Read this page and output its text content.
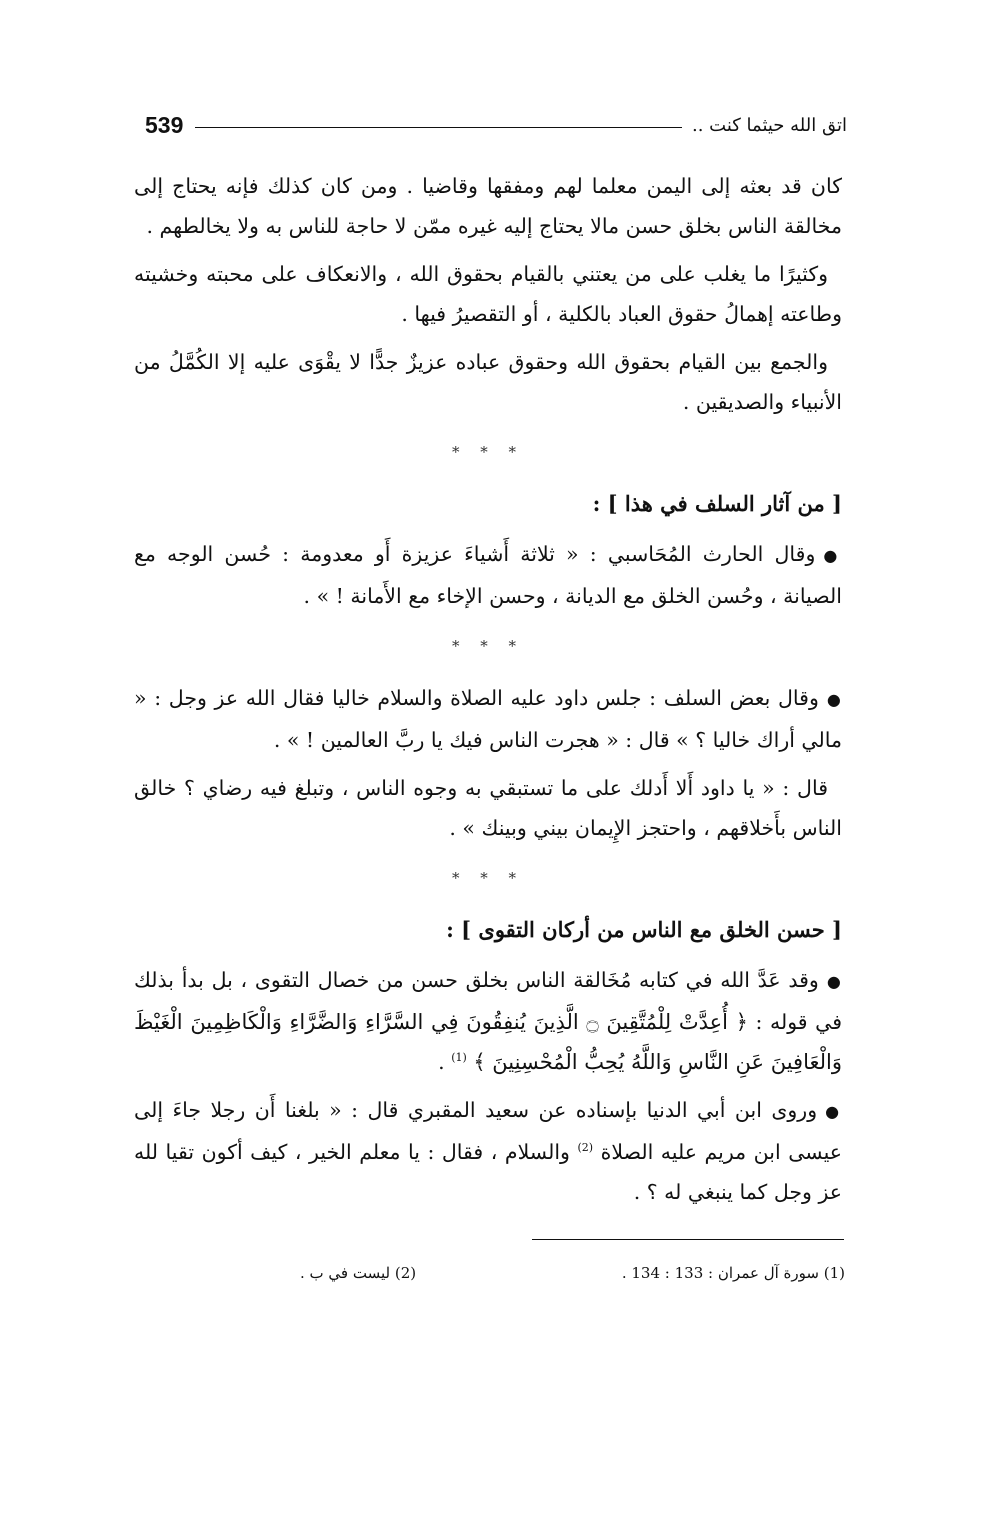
539	اتق الله حيثما كنت ..

كان قد بعثه إلى اليمن معلما لهم ومفقها وقاضيا . ومن كان كذلك فإنه يحتاج إلى مخالقة الناس بخلق حسن مالا يحتاج إليه غيره ممّن لا حاجة للناس به ولا يخالطهم .

وكثيرًا ما يغلب على من يعتني بالقيام بحقوق الله ، والانعكاف على محبته وخشيته وطاعته إهمالُ حقوق العباد بالكلية ، أو التقصيرُ فيها .

والجمع بين القيام بحقوق الله وحقوق عباده عزيزٌ جدًّا لا يقْوَى عليه إلا الكُمَّلُ من الأنبياء والصديقين .

* * *
[ من آثار السلف في هذا ] :

●وقال الحارث المُحَاسبي : « ثلاثة أَشياءَ عزيزة أَو معدومة : حُسن الوجه مع الصيانة ، وحُسن الخلق مع الديانة ، وحسن الإخاء مع الأَمانة ! » .

* * *

●وقال بعض السلف : جلس داود عليه الصلاة والسلام خاليا فقال الله عز وجل : « مالي أراك خاليا ؟ » قال : « هجرت الناس فيك يا ربَّ العالمين ! » .

قال : « يا داود أَلا أَدلك على ما تستبقي به وجوه الناس ، وتبلغ فيه رضاي ؟ خالق الناس بأَخلاقهم ، واحتجز الإِيمان بيني وبينك » .

* * *
[ حسن الخلق مع الناس من أركان التقوى ] :

●وقد عَدَّ الله في كتابه مُخَالقة الناس بخلق حسن من خصال التقوى ، بل بدأ بذلك في قوله : ﴿ أُعِدَّتْ لِلْمُتَّقِينَ ۝ الَّذِينَ يُنفِقُونَ فِي السَّرَّاءِ وَالضَّرَّاءِ وَالْكَاظِمِينَ الْغَيْظَ وَالْعَافِينَ عَنِ النَّاسِ وَاللَّهُ يُحِبُّ الْمُحْسِنِينَ ﴾ $^{(1)}$ .

●وروى ابن أبي الدنيا بإسناده عن سعيد المقبري قال : « بلغنا أَن رجلا جاءَ إلى عيسى ابن مريم عليه الصلاة $^{(2)}$ والسلام ، فقال : يا معلم الخير ، كيف أكون تقيا لله عز وجل كما ينبغي له ؟ .

(1) سورة آل عمران : 133 : 134 .
(2) ليست في ب .
